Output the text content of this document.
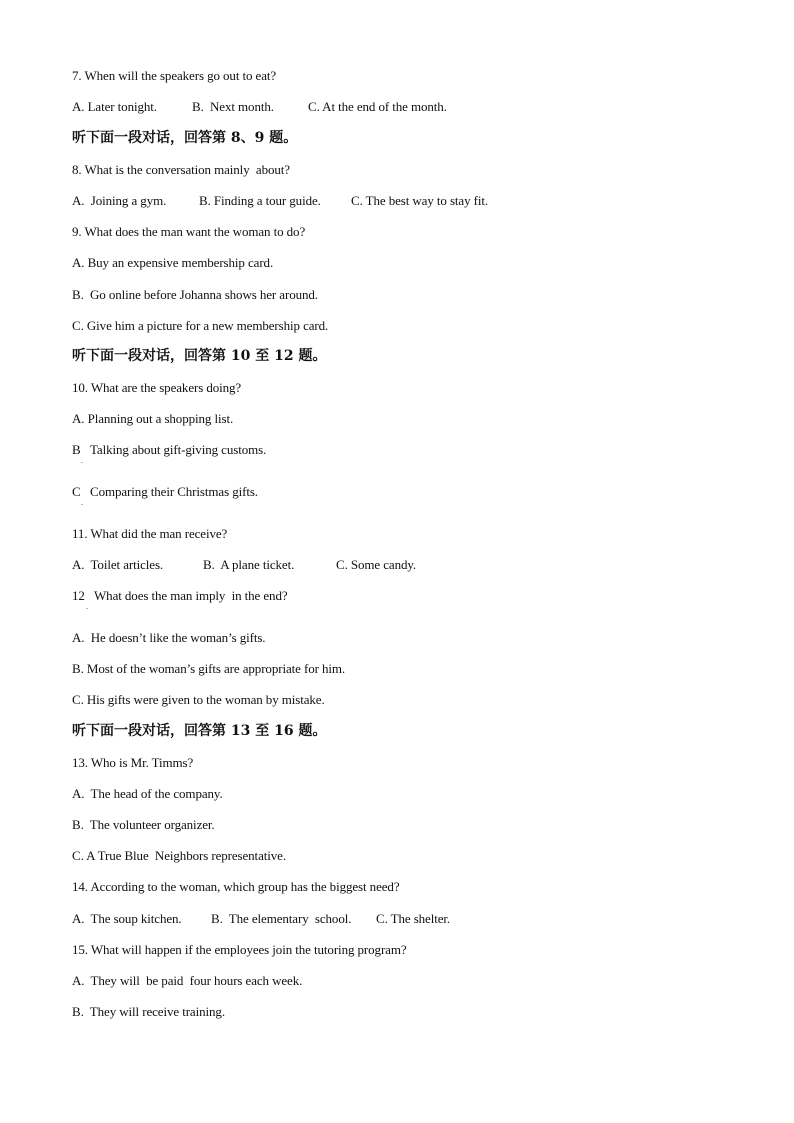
7. When will the speakers go out to eat?

A. Later tonight.

	B.  Next month.

	C. At the end of the month.

听下面一段对话，回答第 8、9 题。
8. What is the conversation mainly  about?

A.  Joining a gym.

	B. Finding a tour guide.

C. The best way to stay fit.

9. What does the man want the woman to do?
A. Buy an expensive membership card.
B.  Go online before Johanna shows her around.
C. Give him a picture for a new membership card.
听下面一段对话，回答第 10 至 12 题。
10. What are the speakers doing?
A. Planning out a shopping list.

B

.

Talking about gift-giving customs.

C

.

Comparing their Christmas gifts.

11. What did the man receive?

A.  Toilet articles.

	B.  A plane ticket.

	C. Some candy.

12

.

What does the man imply  in the end?

A.  He doesn’t like the woman’s gifts.
B. Most of the woman’s gifts are appropriate for him.
C. His gifts were given to the woman by mistake.
听下面一段对话，回答第 13 至 16 题。
13. Who is Mr. Timms?
A.  The head of the company.
B.  The volunteer organizer.
C. A True Blue  Neighbors representative.
14. According to the woman, which group has the biggest need?

A.  The soup kitchen.

B.  The elementary  school.

C. The shelter.

15. What will happen if the employees join the tutoring program?
A.  They will  be paid  four hours each week.
B.  They will receive training.
